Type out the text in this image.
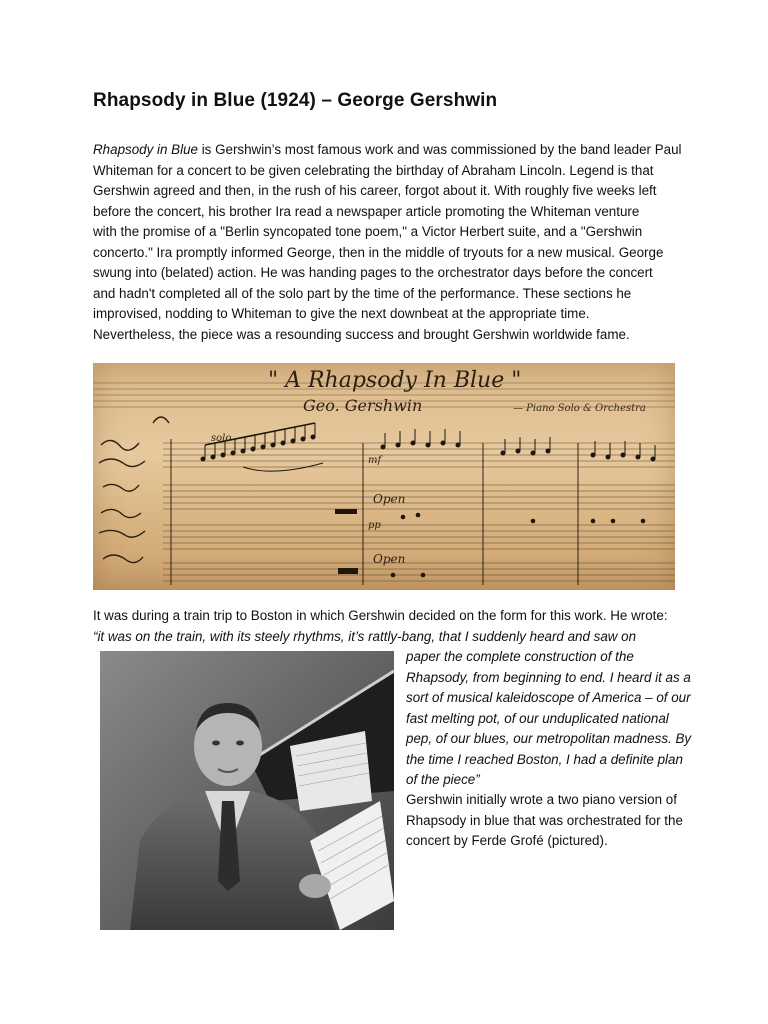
Rhapsody in Blue (1924) – George Gershwin

Rhapsody in Blue is Gershwin’s most famous work and was commissioned by the band leader Paul
Whiteman for a concert to be given celebrating the birthday of Abraham Lincoln. Legend is that
Gershwin agreed and then, in the rush of his career, forgot about it. With roughly five weeks left
before the concert, his brother Ira read a newspaper article promoting the Whiteman venture
with the promise of a "Berlin syncopated tone poem," a Victor Herbert suite, and a "Gershwin
concerto." Ira promptly informed George, then in the middle of tryouts for a new musical. George
swung into (belated) action. He was handing pages to the orchestrator days before the concert
and hadn't completed all of the solo part by the time of the performance. These sections he
improvised, nodding to Whiteman to give the next downbeat at the appropriate time.
Nevertheless, the piece was a resounding success and brought Gershwin worldwide fame.

" A Rhapsody In Blue "
Geo. Gershwin	— Piano Solo & Orchestra
Open
Open
mf
pp
solo

It was during a train trip to Boston in which Gershwin decided on the form for this work. He wrote:

“it was on the train, with its steely rhythms, it’s rattly-bang, that I suddenly heard and saw on

paper the complete construction of the
Rhapsody, from beginning to end. I heard it as a
sort of musical kaleidoscope of America – of our
fast melting pot, of our unduplicated national
pep, of our blues, our metropolitan madness. By
the time I reached Boston, I had a definite plan
of the piece”

Gershwin initially wrote a two piano version of
Rhapsody in blue that was orchestrated for the
concert by Ferde Grofé (pictured).
